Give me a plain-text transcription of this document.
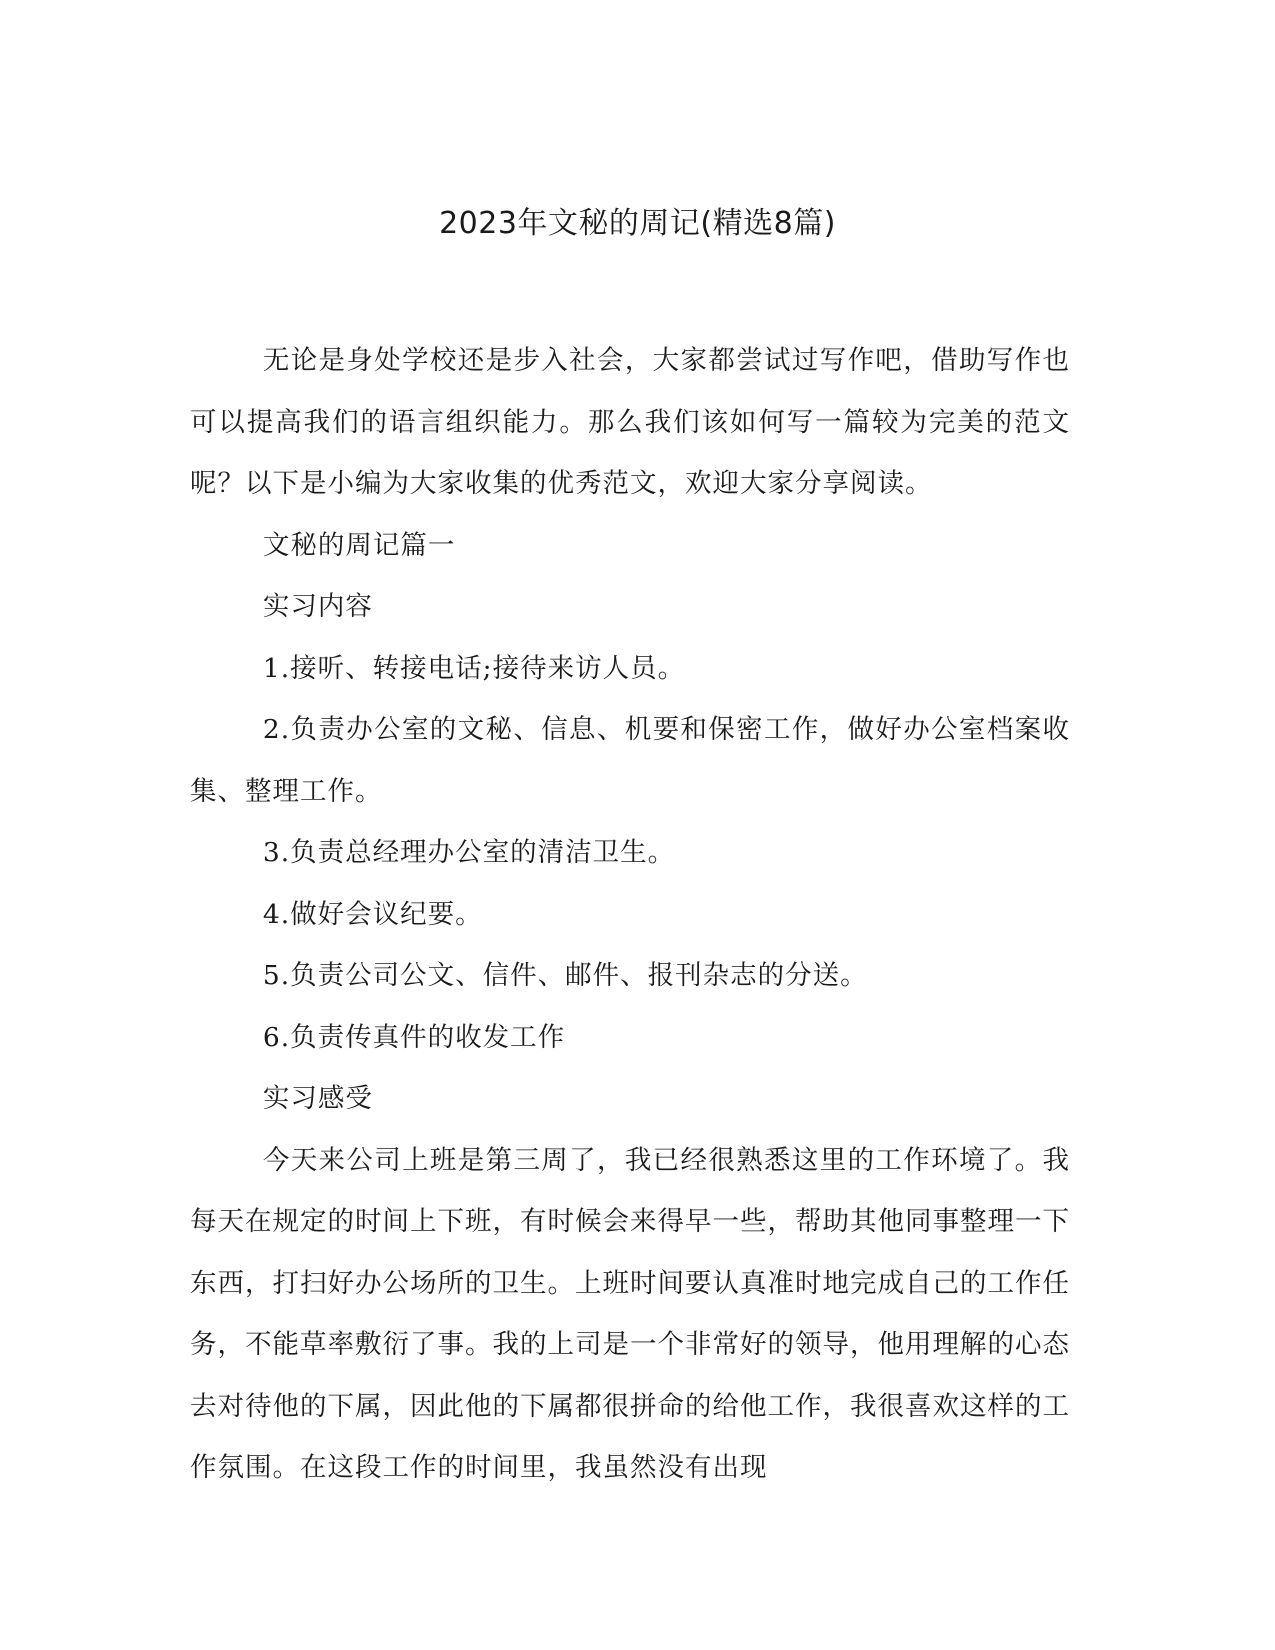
2023年文秘的周记(精选8篇)

无论是身处学校还是步入社会，大家都尝试过写作吧，借助写作也可以提高我们的语言组织能力。那么我们该如何写一篇较为完美的范文呢？以下是小编为大家收集的优秀范文，欢迎大家分享阅读。

文秘的周记篇一

实习内容

1.接听、转接电话;接待来访人员。

2.负责办公室的文秘、信息、机要和保密工作，做好办公室档案收集、整理工作。

3.负责总经理办公室的清洁卫生。

4.做好会议纪要。

5.负责公司公文、信件、邮件、报刊杂志的分送。

6.负责传真件的收发工作

实习感受

今天来公司上班是第三周了，我已经很熟悉这里的工作环境了。我每天在规定的时间上下班，有时候会来得早一些，帮助其他同事整理一下东西，打扫好办公场所的卫生。上班时间要认真准时地完成自己的工作任务，不能草率敷衍了事。我的上司是一个非常好的领导，他用理解的心态去对待他的下属，因此他的下属都很拼命的给他工作，我很喜欢这样的工作氛围。在这段工作的时间里，我虽然没有出现
